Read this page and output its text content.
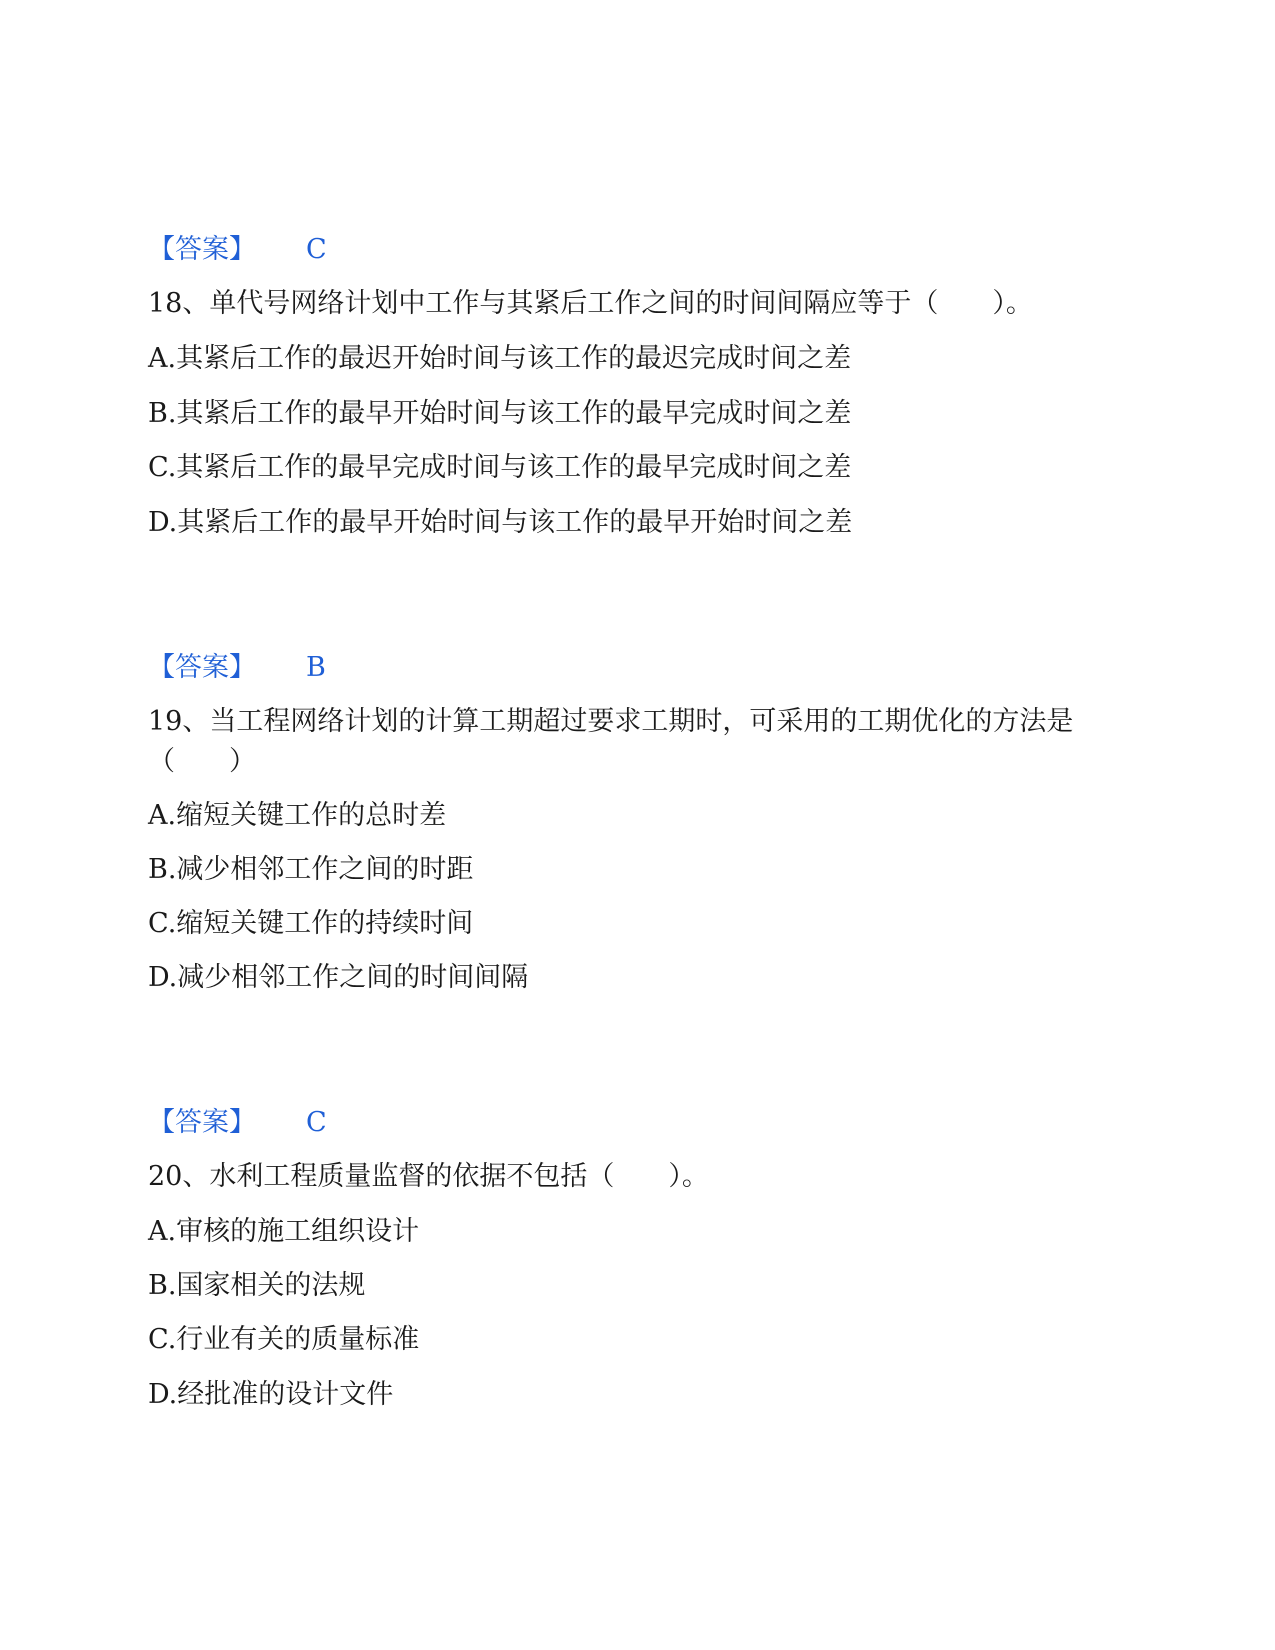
【答案】 C
18、单代号网络计划中工作与其紧后工作之间的时间间隔应等于（　　）。
A.其紧后工作的最迟开始时间与该工作的最迟完成时间之差
B.其紧后工作的最早开始时间与该工作的最早完成时间之差
C.其紧后工作的最早完成时间与该工作的最早完成时间之差
D.其紧后工作的最早开始时间与该工作的最早开始时间之差
【答案】 B
19、当工程网络计划的计算工期超过要求工期时，可采用的工期优化的方法是（　　）
A.缩短关键工作的总时差
B.减少相邻工作之间的时距
C.缩短关键工作的持续时间
D.减少相邻工作之间的时间间隔
【答案】 C
20、水利工程质量监督的依据不包括（　　）。
A.审核的施工组织设计
B.国家相关的法规
C.行业有关的质量标准
D.经批准的设计文件
